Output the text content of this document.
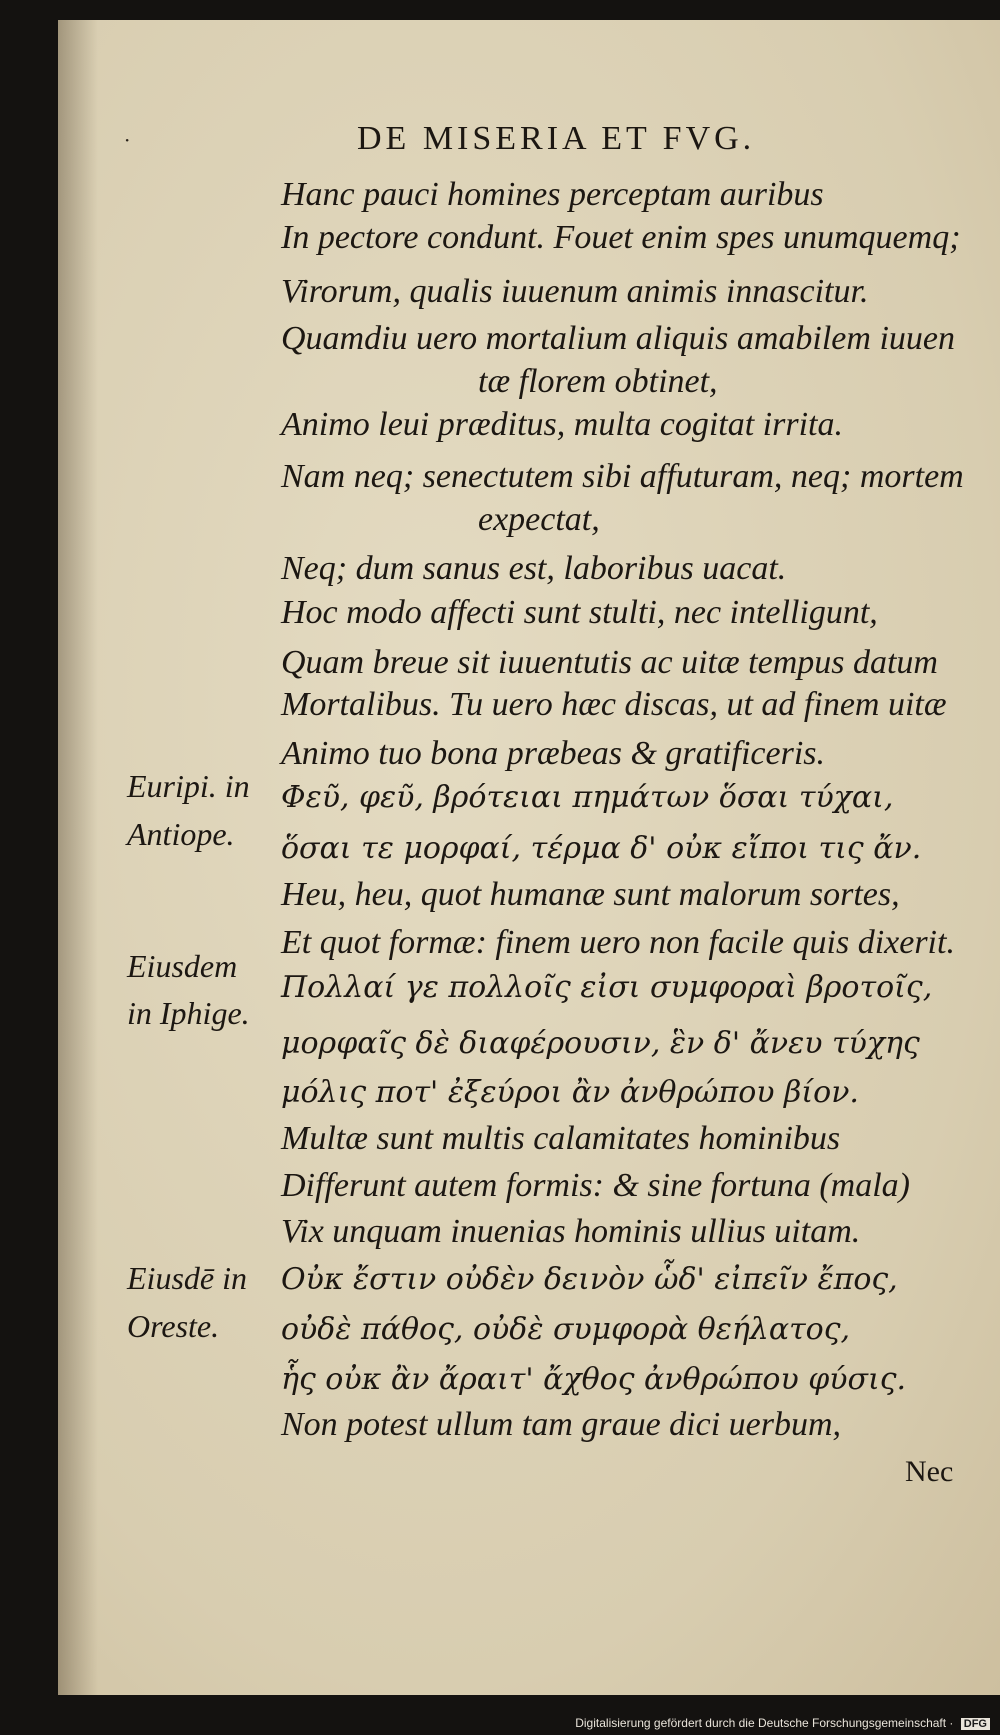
·	DE MISERIA ET FVG.
Hanc pauci homines perceptam auribus
In pectore condunt. Fouet enim spes unumquemq;
Virorum, qualis iuuenum animis innascitur.
Quamdiu uero mortalium aliquis amabilem iuuen
tæ florem obtinet,
Animo leui præditus, multa cogitat irrita.
Nam neq; senectutem sibi affuturam, neq; mortem
expectat,
Neq; dum sanus est, laboribus uacat.
Hoc modo affecti sunt stulti, nec intelligunt,
Quam breue sit iuuentutis ac uitæ tempus datum
Mortalibus. Tu uero hæc discas, ut ad finem uitæ
Animo tuo bona præbeas & gratificeris.
Φεῦ, φεῦ, βρότειαι πημάτων ὅσαι τύχαι,
ὅσαι τε μορφαί, τέρμα δ' οὐκ εἴποι τις ἄν.
Heu, heu, quot humanæ sunt malorum sortes,
Et quot formæ: finem uero non facile quis dixerit.
Πολλαί γε πολλοῖς εἰσι συμφοραὶ βροτοῖς,
μορφαῖς δὲ διαφέρουσιν, ἓν δ' ἄνευ τύχης
μόλις ποτ' ἐξεύροι ἂν ἀνθρώπου βίον.
Multæ sunt multis calamitates hominibus
Differunt autem formis: & sine fortuna (mala)
Vix unquam inuenias hominis ullius uitam.
Οὐκ ἔστιν οὐδὲν δεινὸν ὧδ' εἰπεῖν ἔπος,
οὐδὲ πάθος, οὐδὲ συμφορὰ θεήλατος,
ἧς οὐκ ἂν ἄραιτ' ἄχθος ἀνθρώπου φύσις.
Non potest ullum tam graue dici uerbum,
Euripi. in
Antiope.
Eiusdem
in Iphige.
Eiusdē in
Oreste.
Nec
Digitalisierung gefördert durch die Deutsche Forschungsgemeinschaft · DFG
